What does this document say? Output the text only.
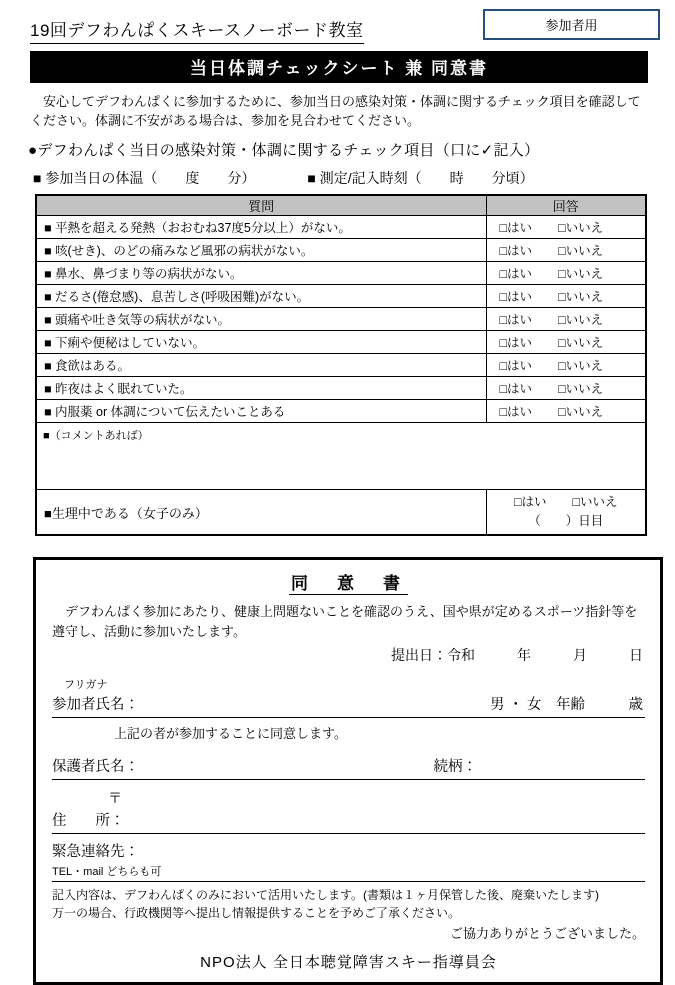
19回デフわんぱくスキースノーボード教室	参加者用
当日体調チェックシート 兼 同意書

　安心してデフわんぱくに参加するために、参加当日の感染対策・体調に関するチェック項目を確認してください。体調に不安がある場合は、参加を見合わせてください。

●デフわんぱく当日の感染対策・体調に関するチェック項目（口に✓記入）
■ 参加当日の体温（　　度　　分）	■ 測定/記入時刻（　　時　　分頃）
質問	回答
■ 平熱を超える発熱（おおむね37度5分以上）がない。	□はい □いいえ
■ 咳(せき)、のどの痛みなど風邪の病状がない。	□はい □いいえ
■ 鼻水、鼻づまり等の病状がない。	□はい □いいえ
■ だるさ(倦怠感)、息苦しさ(呼吸困難)がない。	□はい □いいえ
■ 頭痛や吐き気等の病状がない。	□はい □いいえ
■ 下痢や便秘はしていない。	□はい □いいえ
■ 食欲はある。	□はい □いいえ
■ 昨夜はよく眠れていた。	□はい □いいえ
■ 内服薬 or 体調について伝えたいことある	□はい □いいえ
■（コメントあれば）	
■生理中である（女子のみ）	□はい □いいえ
（　　）日目
同　意　書
　デフわんぱく参加にあたり、健康上問題ないことを確認のうえ、国や県が定めるスポーツ指針等を遵守し、活動に参加いたします。
提出日：令和　　　年　　　月　　　日
フリガナ
参加者氏名：	男 ・ 女　年齢　　　歳
上記の者が参加することに同意します。
保護者氏名：	続柄：
〒
住　　所：
緊急連絡先：
TEL・mail どちらも可
記入内容は、デフわんぱくのみにおいて活用いたします。(書類は１ヶ月保管した後、廃棄いたします)
万一の場合、行政機関等へ提出し情報提供することを予めご了承ください。
ご協力ありがとうございました。
NPO法人 全日本聴覚障害スキー指導員会
